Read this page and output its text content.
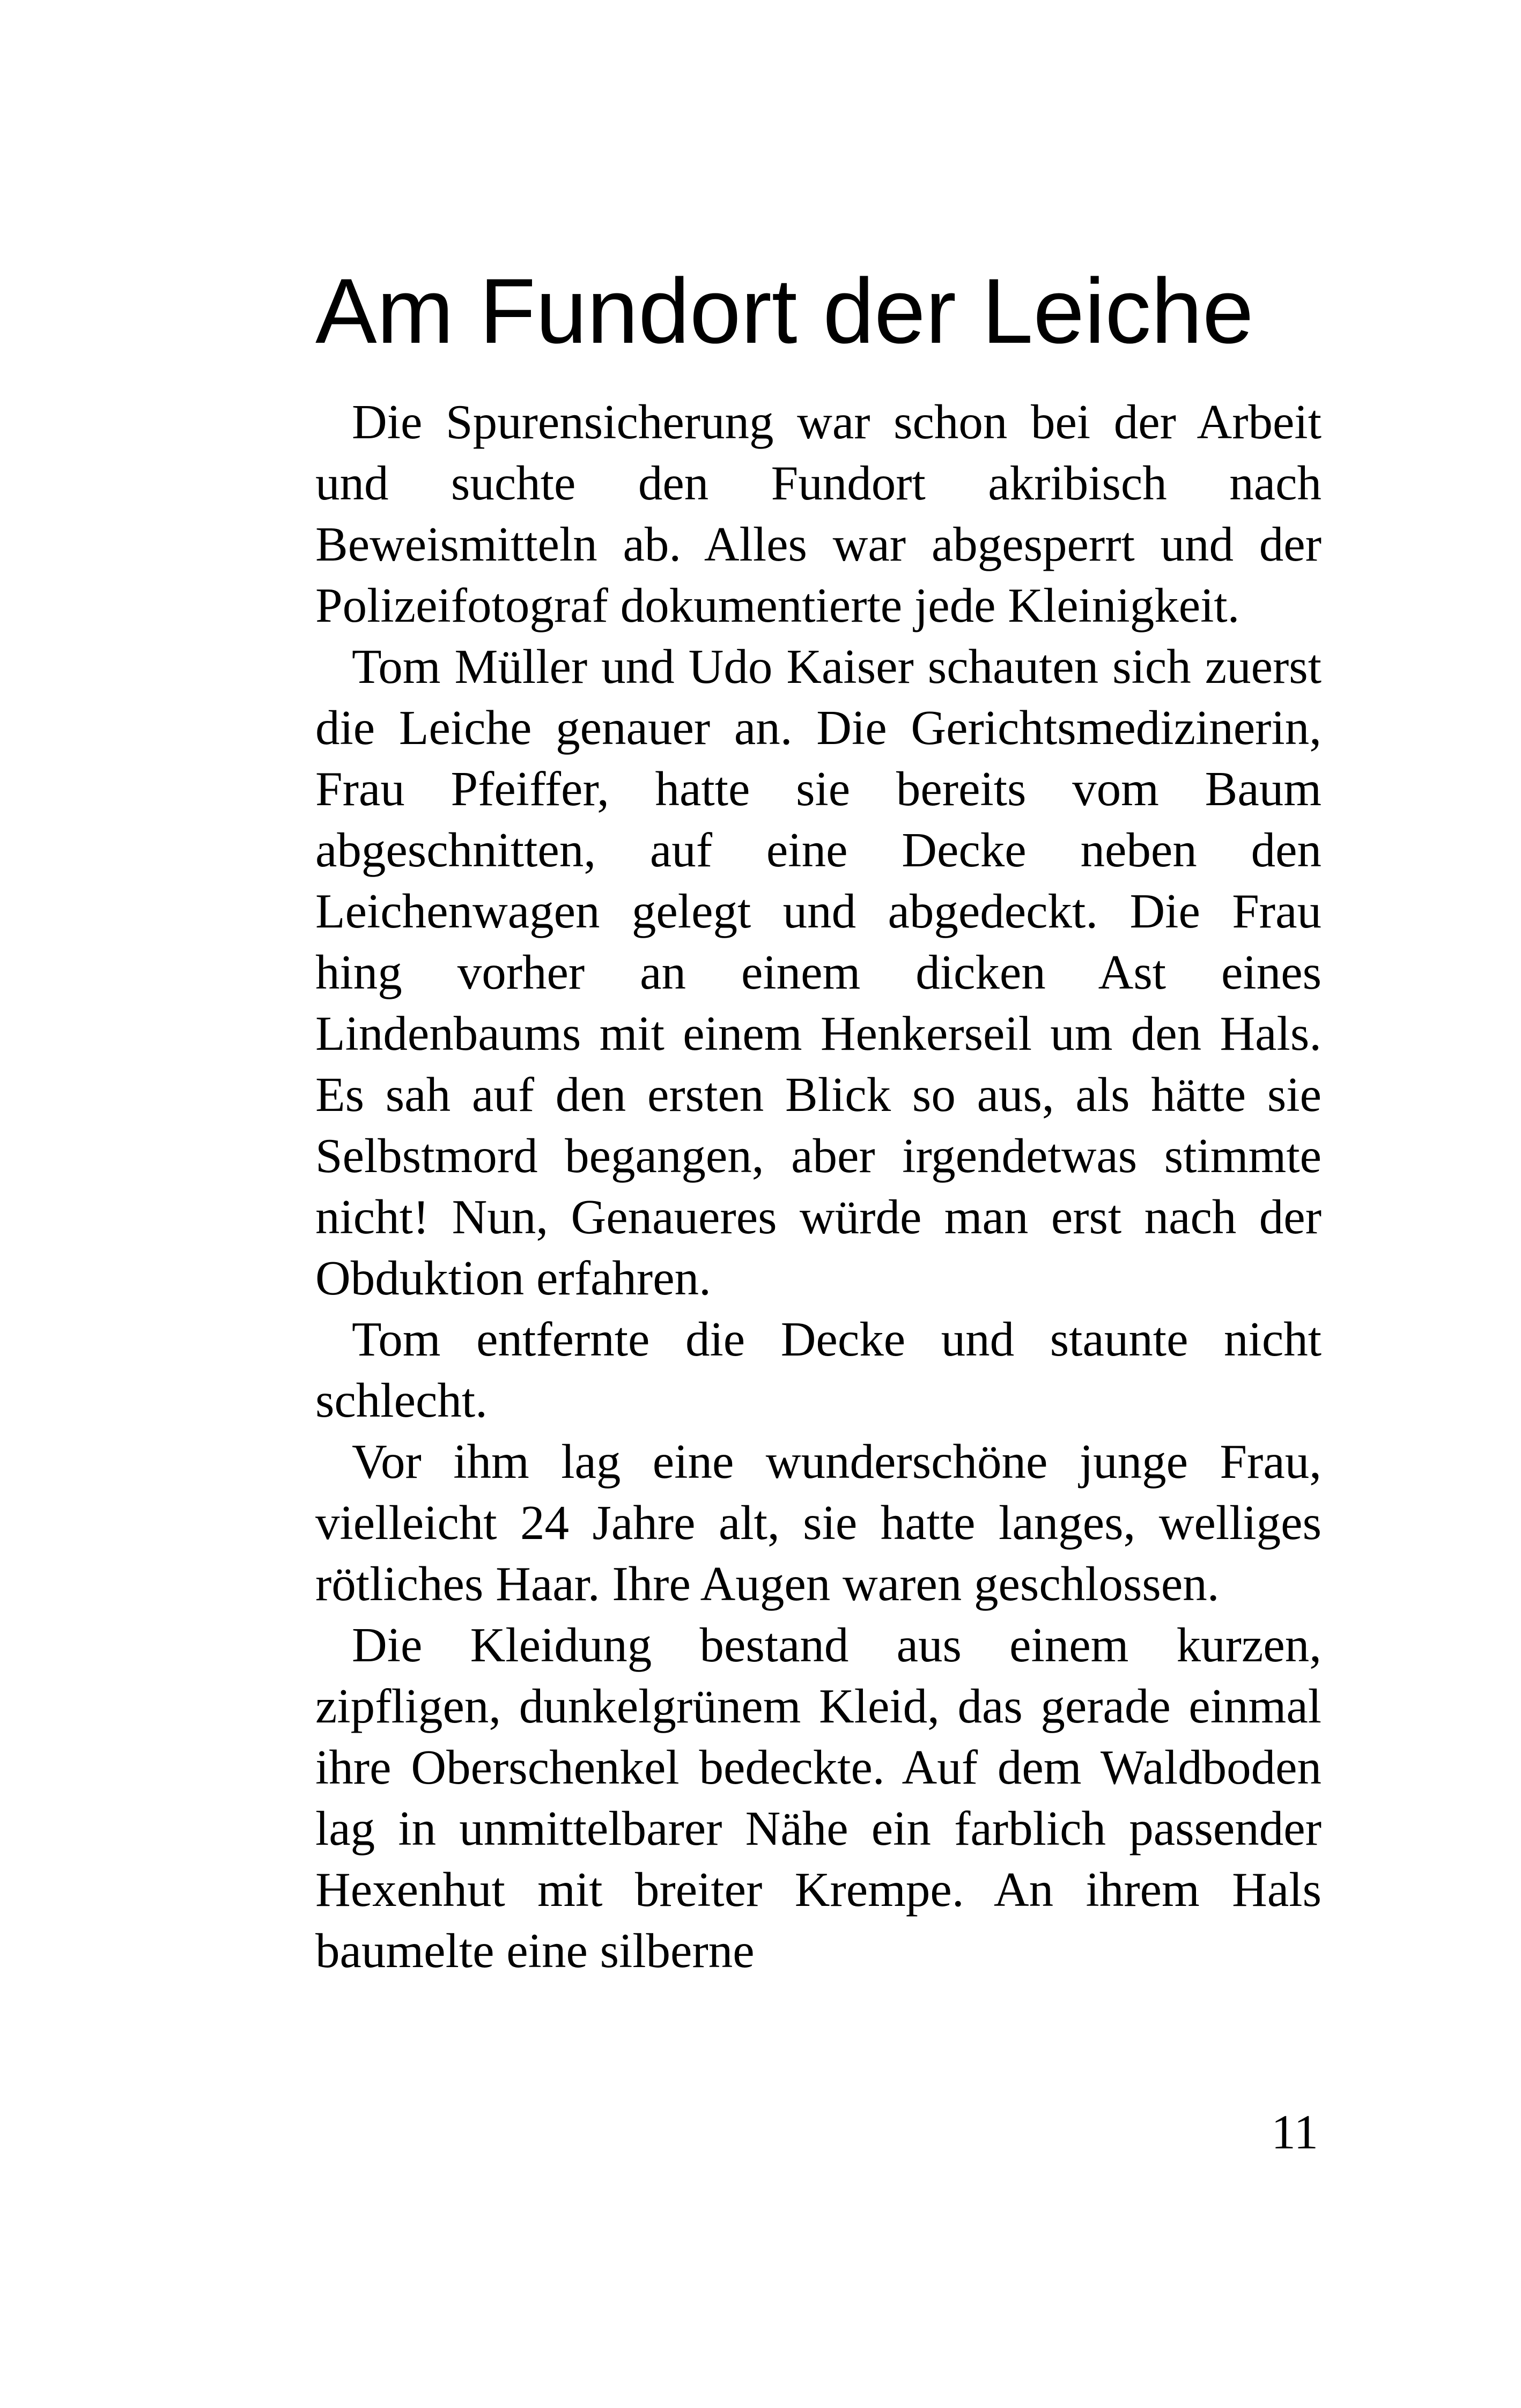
Am Fundort der Leiche

Die Spurensicherung war schon bei der Arbeit und suchte den Fundort akribisch nach Beweismitteln ab. Alles war abgesperrt und der Polizeifotograf dokumentierte jede Kleinigkeit.

Tom Müller und Udo Kaiser schauten sich zuerst die Leiche genauer an. Die Gerichtsmedizinerin, Frau Pfeiffer, hatte sie bereits vom Baum abgeschnitten, auf eine Decke neben den Leichenwagen gelegt und abgedeckt. Die Frau hing vorher an einem dicken Ast eines Lindenbaums mit einem Henkerseil um den Hals. Es sah auf den ersten Blick so aus, als hätte sie Selbstmord begangen, aber irgendetwas stimmte nicht! Nun, Genaueres würde man erst nach der Obduktion erfahren.

Tom entfernte die Decke und staunte nicht schlecht.

Vor ihm lag eine wunderschöne junge Frau, vielleicht 24 Jahre alt, sie hatte langes, welliges rötliches Haar. Ihre Augen waren geschlossen.

Die Kleidung bestand aus einem kurzen, zipfligen, dunkelgrünem Kleid, das gerade einmal ihre Oberschenkel bedeckte. Auf dem Waldboden lag in unmittelbarer Nähe ein farblich passender Hexenhut mit breiter Krempe. An ihrem Hals baumelte eine silberne

11
